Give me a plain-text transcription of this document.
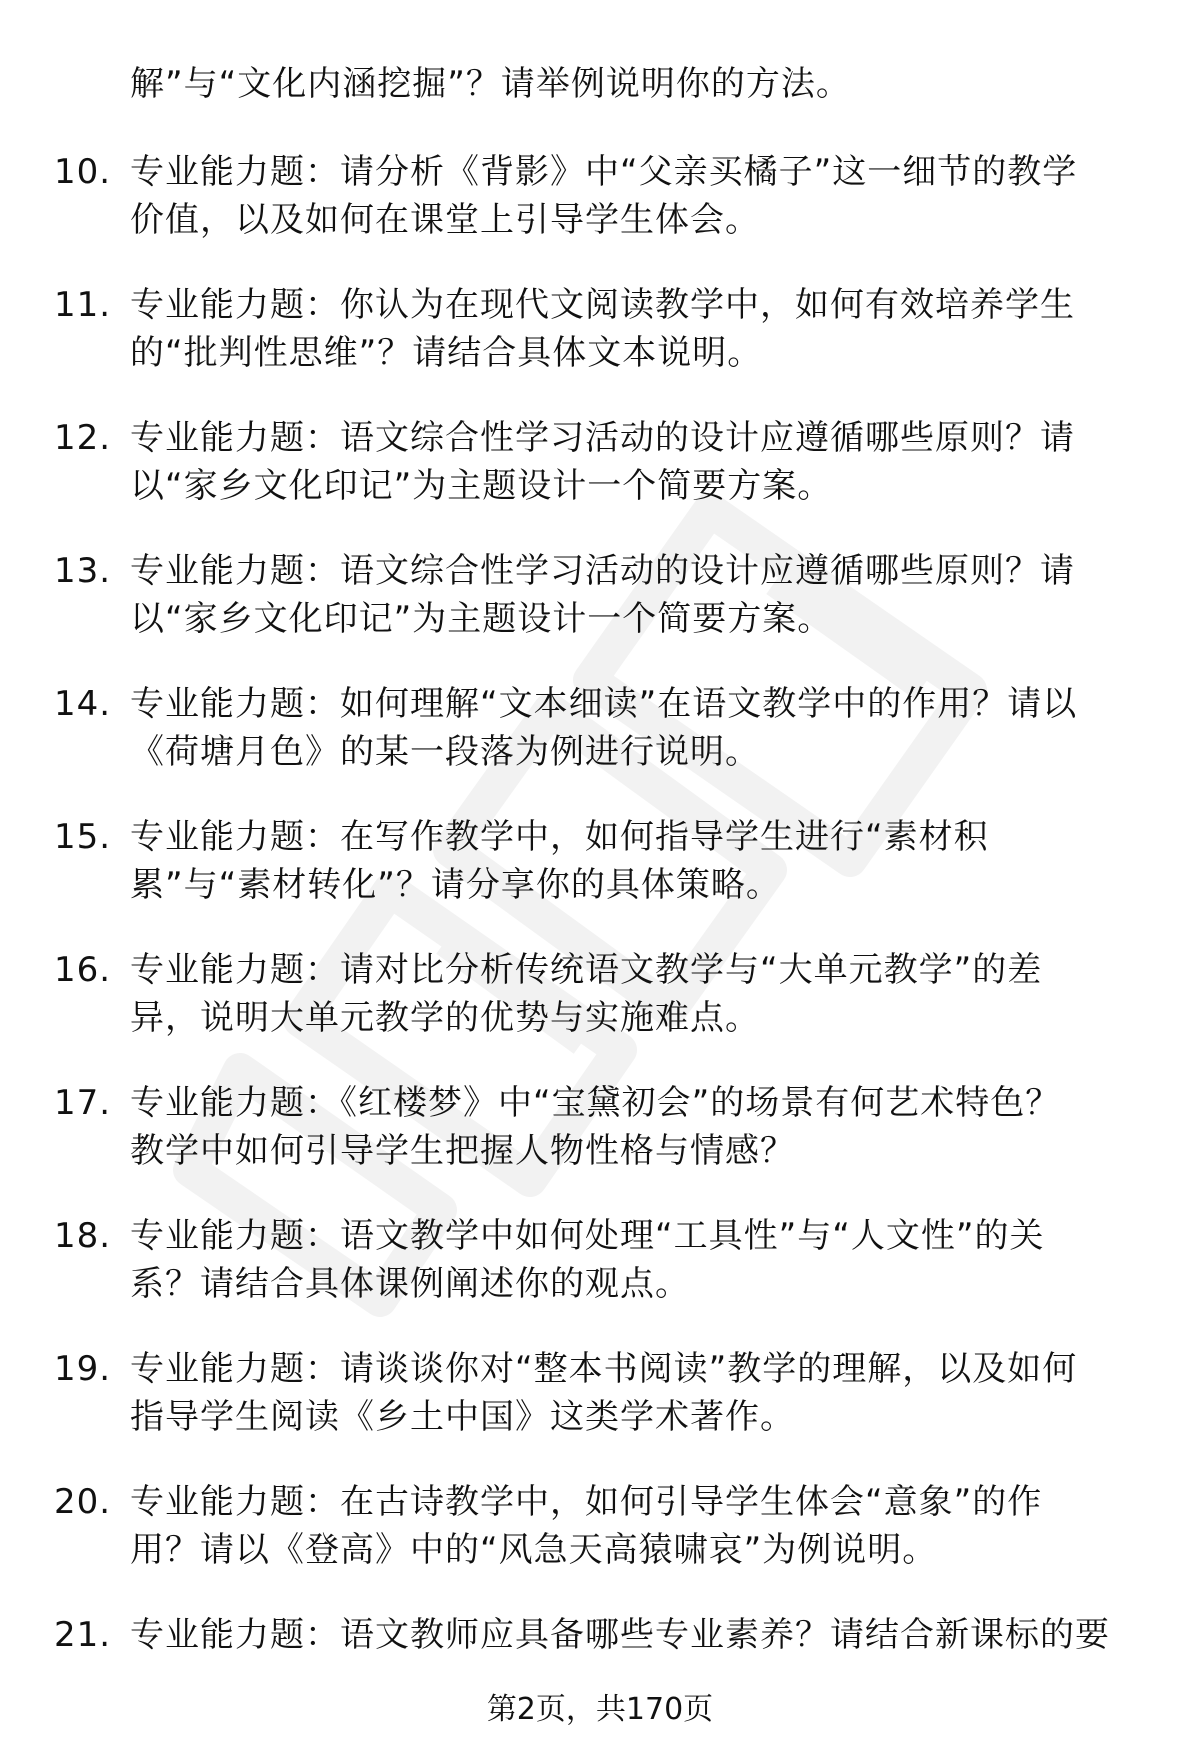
解”与“文化内涵挖掘”？请举例说明你的方法。
10. 专业能力题：请分析《背影》中“父亲买橘子”这一细节的教学
价值，以及如何在课堂上引导学生体会。
11. 专业能力题：你认为在现代文阅读教学中，如何有效培养学生
的“批判性思维”？请结合具体文本说明。
12. 专业能力题：语文综合性学习活动的设计应遵循哪些原则？请
以“家乡文化印记”为主题设计一个简要方案。
13. 专业能力题：语文综合性学习活动的设计应遵循哪些原则？请
以“家乡文化印记”为主题设计一个简要方案。
14. 专业能力题：如何理解“文本细读”在语文教学中的作用？请以
《荷塘月色》的某一段落为例进行说明。
15. 专业能力题：在写作教学中，如何指导学生进行“素材积
累”与“素材转化”？请分享你的具体策略。
16. 专业能力题：请对比分析传统语文教学与“大单元教学”的差
异，说明大单元教学的优势与实施难点。
17. 专业能力题：《红楼梦》中“宝黛初会”的场景有何艺术特色？
教学中如何引导学生把握人物性格与情感？
18. 专业能力题：语文教学中如何处理“工具性”与“人文性”的关
系？请结合具体课例阐述你的观点。
19. 专业能力题：请谈谈你对“整本书阅读”教学的理解，以及如何
指导学生阅读《乡土中国》这类学术著作。
20. 专业能力题：在古诗教学中，如何引导学生体会“意象”的作
用？请以《登高》中的“风急天高猿啸哀”为例说明。
21. 专业能力题：语文教师应具备哪些专业素养？请结合新课标的要
第2页，共170页
